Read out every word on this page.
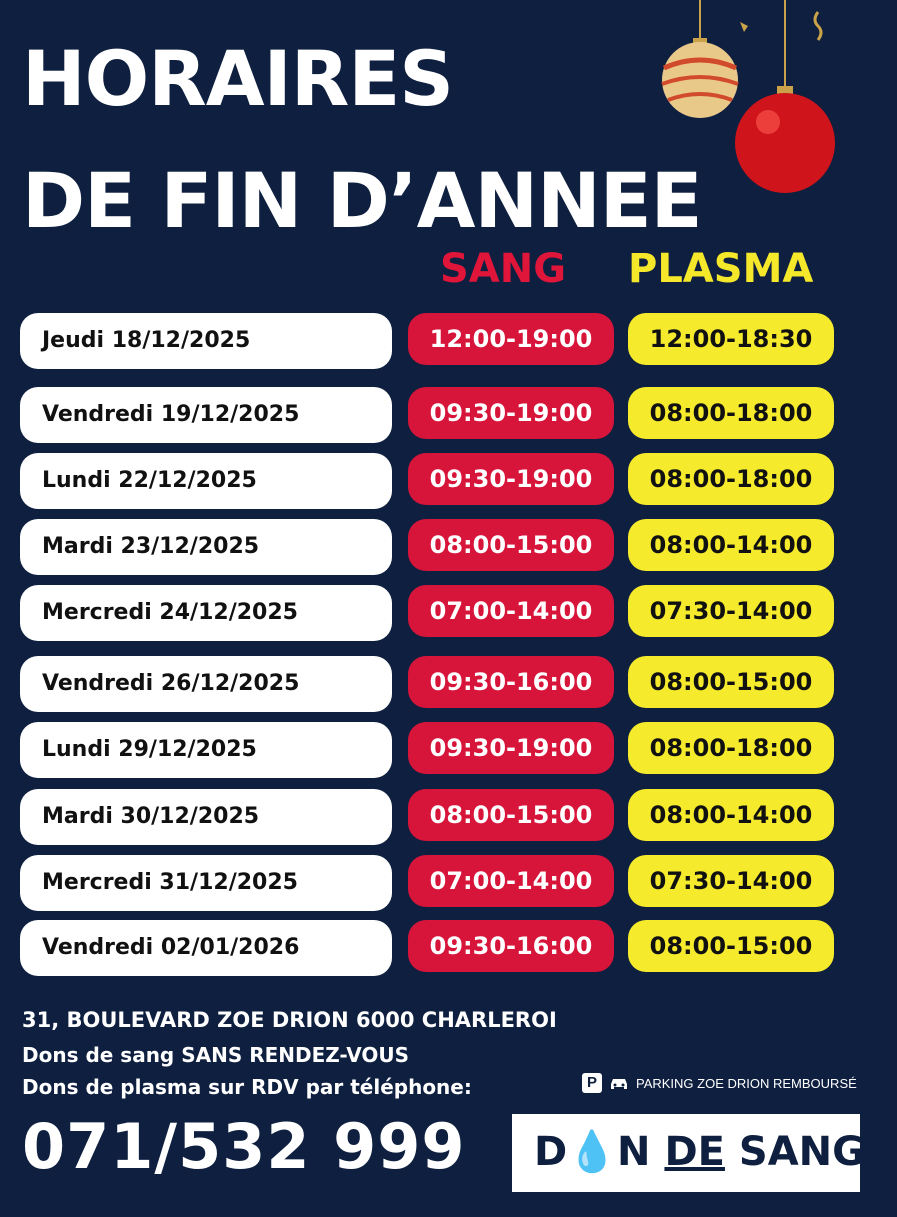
HORAIRES
DE FIN D’ANNEE
SANG PLASMA
Jeudi 18/12/2025	12:00-19:00	12:00-18:30
Vendredi 19/12/2025	09:30-19:00	08:00-18:00
Lundi 22/12/2025	09:30-19:00	08:00-18:00
Mardi 23/12/2025	08:00-15:00	08:00-14:00
Mercredi 24/12/2025	07:00-14:00	07:30-14:00
Vendredi 26/12/2025	09:30-16:00	08:00-15:00
Lundi 29/12/2025	09:30-19:00	08:00-18:00
Mardi 30/12/2025	08:00-15:00	08:00-14:00
Mercredi 31/12/2025	07:00-14:00	07:30-14:00
Vendredi 02/01/2026	09:30-16:00	08:00-15:00
31, BOULEVARD ZOE DRION 6000 CHARLEROI
Dons de sang SANS RENDEZ-VOUS
Dons de plasma sur RDV par téléphone:
071/532 999
P	PARKING ZOE DRION REMBOURSÉ
D💧N DE SANG.be
